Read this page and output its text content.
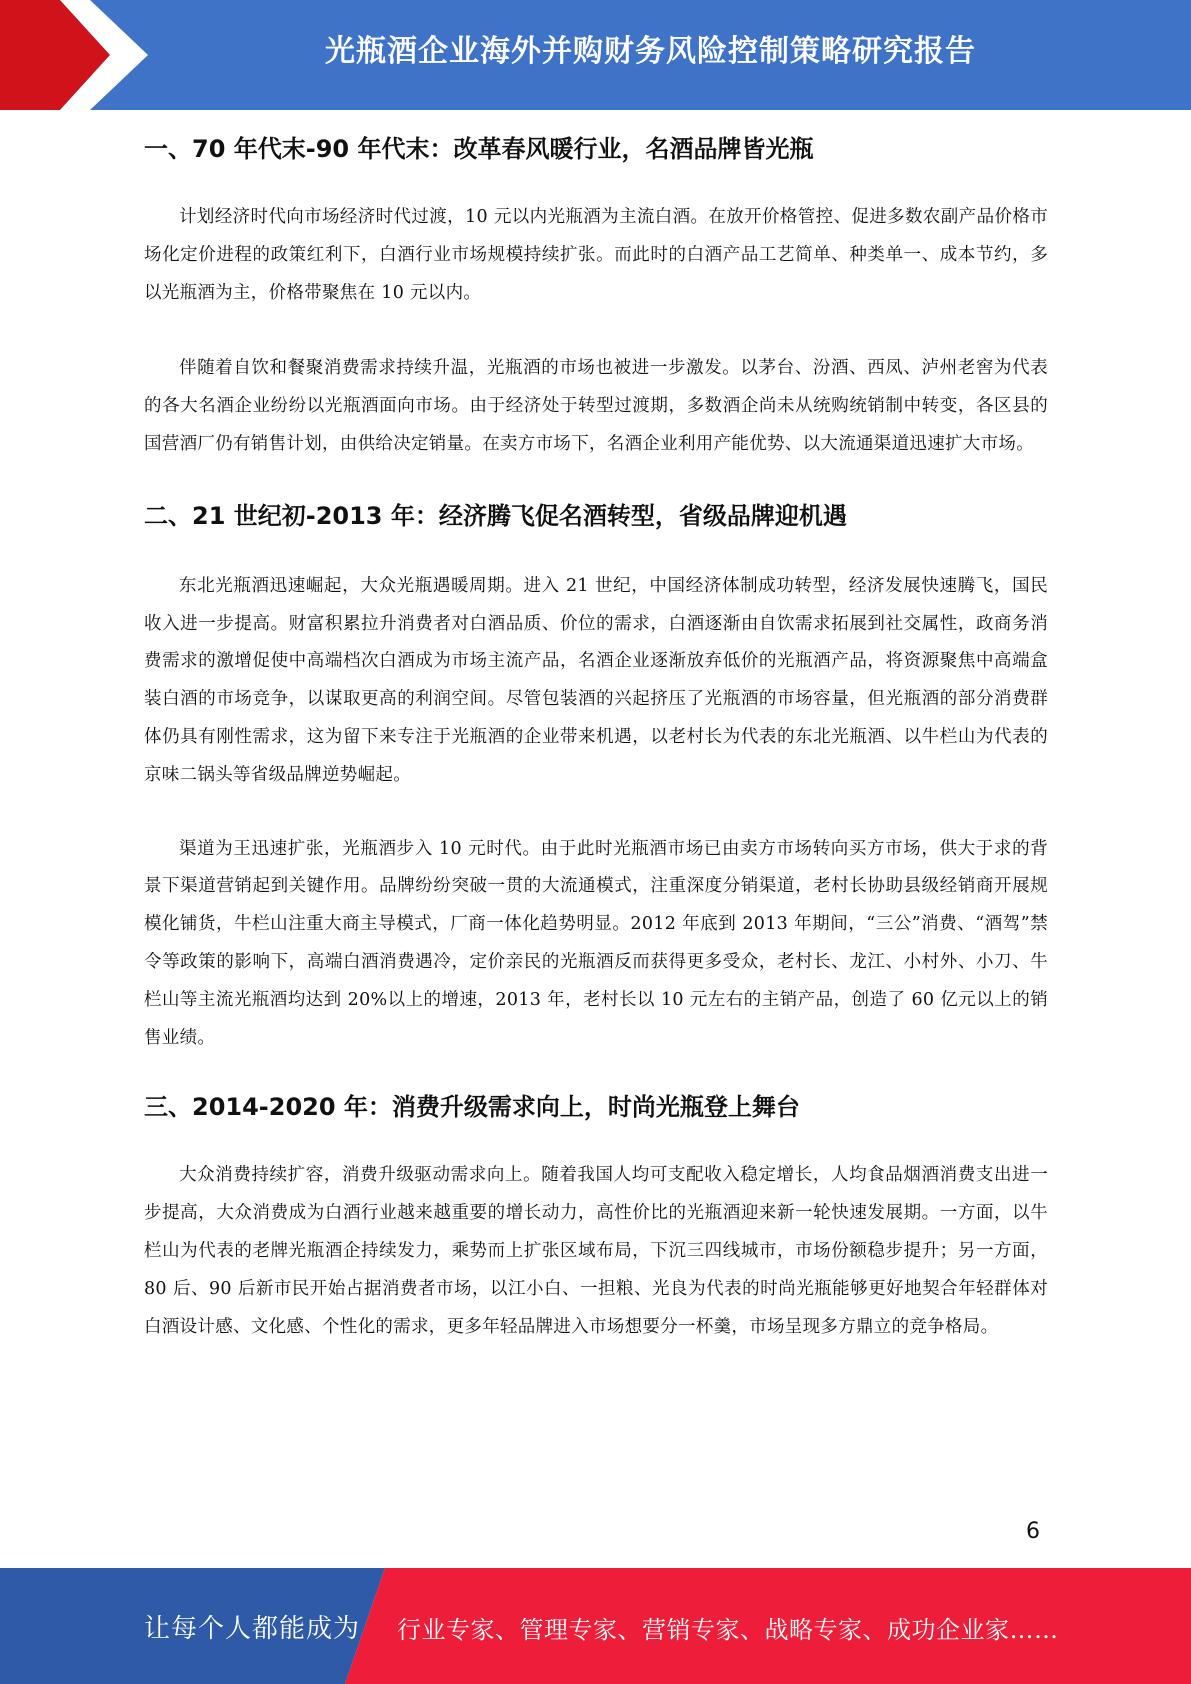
光瓶酒企业海外并购财务风险控制策略研究报告
一、70 年代末-90 年代末：改革春风暖行业，名酒品牌皆光瓶

计划经济时代向市场经济时代过渡，10 元以内光瓶酒为主流白酒。在放开价格管控、促进多数农副产品价格市场化定价进程的政策红利下，白酒行业市场规模持续扩张。而此时的白酒产品工艺简单、种类单一、成本节约，多以光瓶酒为主，价格带聚焦在 10 元以内。

伴随着自饮和餐聚消费需求持续升温，光瓶酒的市场也被进一步激发。以茅台、汾酒、西凤、泸州老窖为代表的各大名酒企业纷纷以光瓶酒面向市场。由于经济处于转型过渡期，多数酒企尚未从统购统销制中转变，各区县的国营酒厂仍有销售计划，由供给决定销量。在卖方市场下，名酒企业利用产能优势、以大流通渠道迅速扩大市场。

二、21 世纪初-2013 年：经济腾飞促名酒转型，省级品牌迎机遇

东北光瓶酒迅速崛起，大众光瓶遇暖周期。进入 21 世纪，中国经济体制成功转型，经济发展快速腾飞，国民收入进一步提高。财富积累拉升消费者对白酒品质、价位的需求，白酒逐渐由自饮需求拓展到社交属性，政商务消费需求的激增促使中高端档次白酒成为市场主流产品，名酒企业逐渐放弃低价的光瓶酒产品，将资源聚焦中高端盒装白酒的市场竞争，以谋取更高的利润空间。尽管包装酒的兴起挤压了光瓶酒的市场容量，但光瓶酒的部分消费群体仍具有刚性需求，这为留下来专注于光瓶酒的企业带来机遇，以老村长为代表的东北光瓶酒、以牛栏山为代表的京味二锅头等省级品牌逆势崛起。

渠道为王迅速扩张，光瓶酒步入 10 元时代。由于此时光瓶酒市场已由卖方市场转向买方市场，供大于求的背景下渠道营销起到关键作用。品牌纷纷突破一贯的大流通模式，注重深度分销渠道，老村长协助县级经销商开展规模化铺货，牛栏山注重大商主导模式，厂商一体化趋势明显。2012 年底到 2013 年期间，“三公”消费、“酒驾”禁令等政策的影响下，高端白酒消费遇冷，定价亲民的光瓶酒反而获得更多受众，老村长、龙江、小村外、小刀、牛栏山等主流光瓶酒均达到 20%以上的增速，2013 年，老村长以 10 元左右的主销产品，创造了 60 亿元以上的销售业绩。

三、2014-2020 年：消费升级需求向上，时尚光瓶登上舞台

大众消费持续扩容，消费升级驱动需求向上。随着我国人均可支配收入稳定增长，人均食品烟酒消费支出进一步提高，大众消费成为白酒行业越来越重要的增长动力，高性价比的光瓶酒迎来新一轮快速发展期。一方面，以牛栏山为代表的老牌光瓶酒企持续发力，乘势而上扩张区域布局，下沉三四线城市，市场份额稳步提升；另一方面，80 后、90 后新市民开始占据消费者市场，以江小白、一担粮、光良为代表的时尚光瓶能够更好地契合年轻群体对白酒设计感、文化感、个性化的需求，更多年轻品牌进入市场想要分一杯羹，市场呈现多方鼎立的竞争格局。

6
让每个人都能成为 行业专家、管理专家、营销专家、战略专家、成功企业家……
